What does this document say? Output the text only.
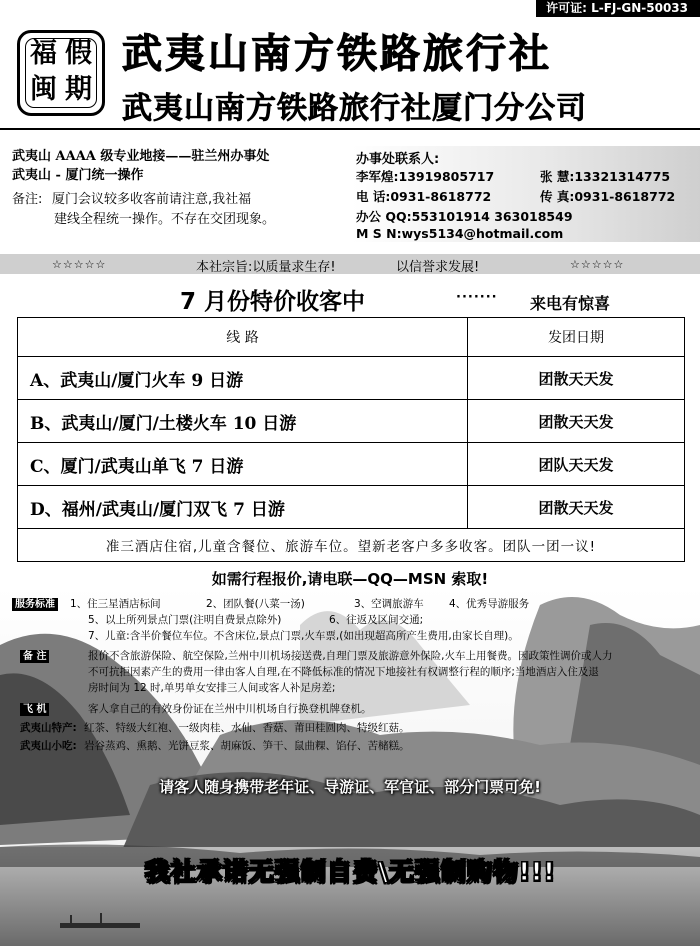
许可证: L-FJ-GN-50033
福 假
闽 期
武夷山南方铁路旅行社
武夷山南方铁路旅行社厦门分公司
武夷山 AAAA 级专业地接——驻兰州办事处
武夷山 - 厦门统一操作
备注: 厦门会议较多收客前请注意,我社福
建线全程统一操作。不存在交团现象。
办事处联系人:
李军煌:13919805717	张 慧:13321314775
电 话:0931-8618772	传 真:0931-8618772
办公 QQ:553101914 363018549
M S N:wys5134@hotmail.com
☆☆☆☆☆	本社宗旨:以质量求生存!	以信誉求发展!	☆☆☆☆☆
7 月份特价收客中	······· 来电有惊喜
线 路	发团日期
A、武夷山/厦门火车 9 日游	团散天天发
B、武夷山/厦门/土楼火车 10 日游	团散天天发
C、厦门/武夷山单飞 7 日游	团队天天发
D、福州/武夷山/厦门双飞 7 日游	团散天天发
准三酒店住宿,儿童含餐位、旅游车位。望新老客户多多收客。团队一团一议!	
如需行程报价,请电联—QQ—MSN 索取!
服务标准 1、住三星酒店标间	2、团队餐(八菜一汤)	3、空调旅游车 4、优秀导游服务
5、以上所列景点门票(注明自费景点除外)	6、往返及区间交通;
7、儿童:含半价餐位车位。不含床位,景点门票,火车票,(如出现超高所产生费用,由家长自理)。
备 注	报价不含旅游保险、航空保险,兰州中川机场接送费,自理门票及旅游意外保险,火车上用餐费。因政策性调价或人力
不可抗拒因素产生的费用一律由客人自理,在不降低标准的情况下地接社有权调整行程的顺序;当地酒店入住及退
房时间为 12 时,单男单女安排三人间或客人补足房差;
飞 机	客人拿自己的有效身份证在兰州中川机场自行换登机牌登机。
武夷山特产: 红茶、特级大红袍、一级肉桂、水仙、香菇、莆田桂圆肉、特级红菇。
武夷山小吃: 岩谷蒸鸡、熏鹅、光饼豆浆、胡麻饭、笋干、鼠曲粿、馅仔、苦槠糕。
请客人随身携带老年证、导游证、军官证、部分门票可免!
我社承诺无强制自费\无强制购物!!!
